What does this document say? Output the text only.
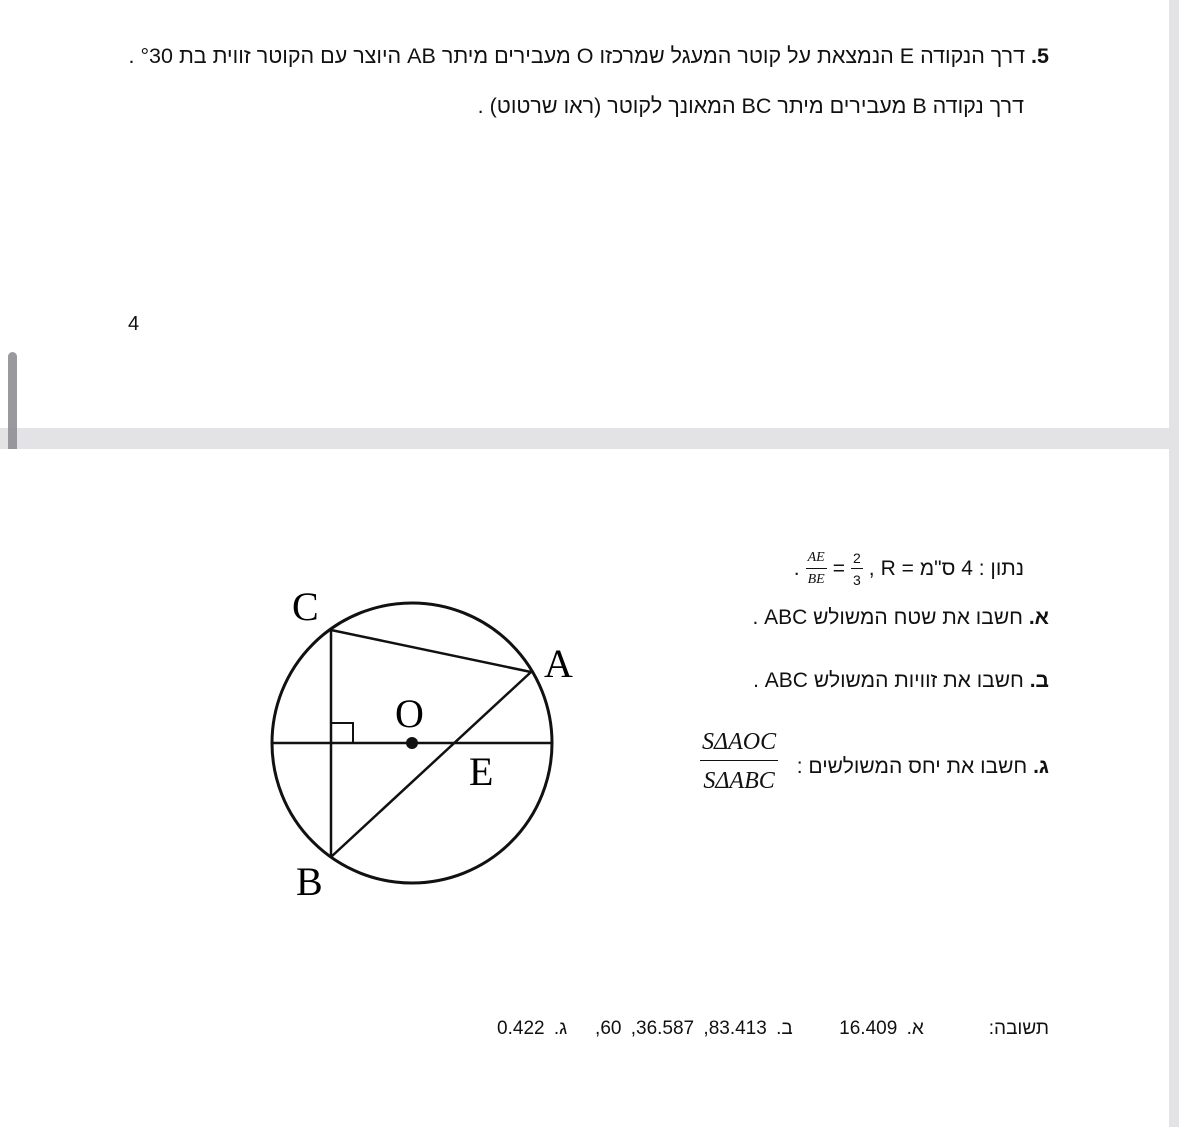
5. דרך הנקודה E הנמצאת על קוטר המעגל שמרכזו O מעבירים מיתר AB היוצר עם הקוטר זווית בת °30 .
דרך נקודה B מעבירים מיתר BC המאונך לקוטר (ראו שרטוט) .
4
נתון : 4 ס"מ = R
,
$\frac{2}{3}$
=
$\frac{AE}{BE}$
.
א. חשבו את שטח המשולש ABC .
ב. חשבו את זוויות המשולש ABC .
ג. חשבו את יחס המשולשים :
SΔAOC
SΔABC
C
A
O
E
B
תשובה:       א. 16.409     ב. 83.413, 36.587, 60,   ג. 0.422
